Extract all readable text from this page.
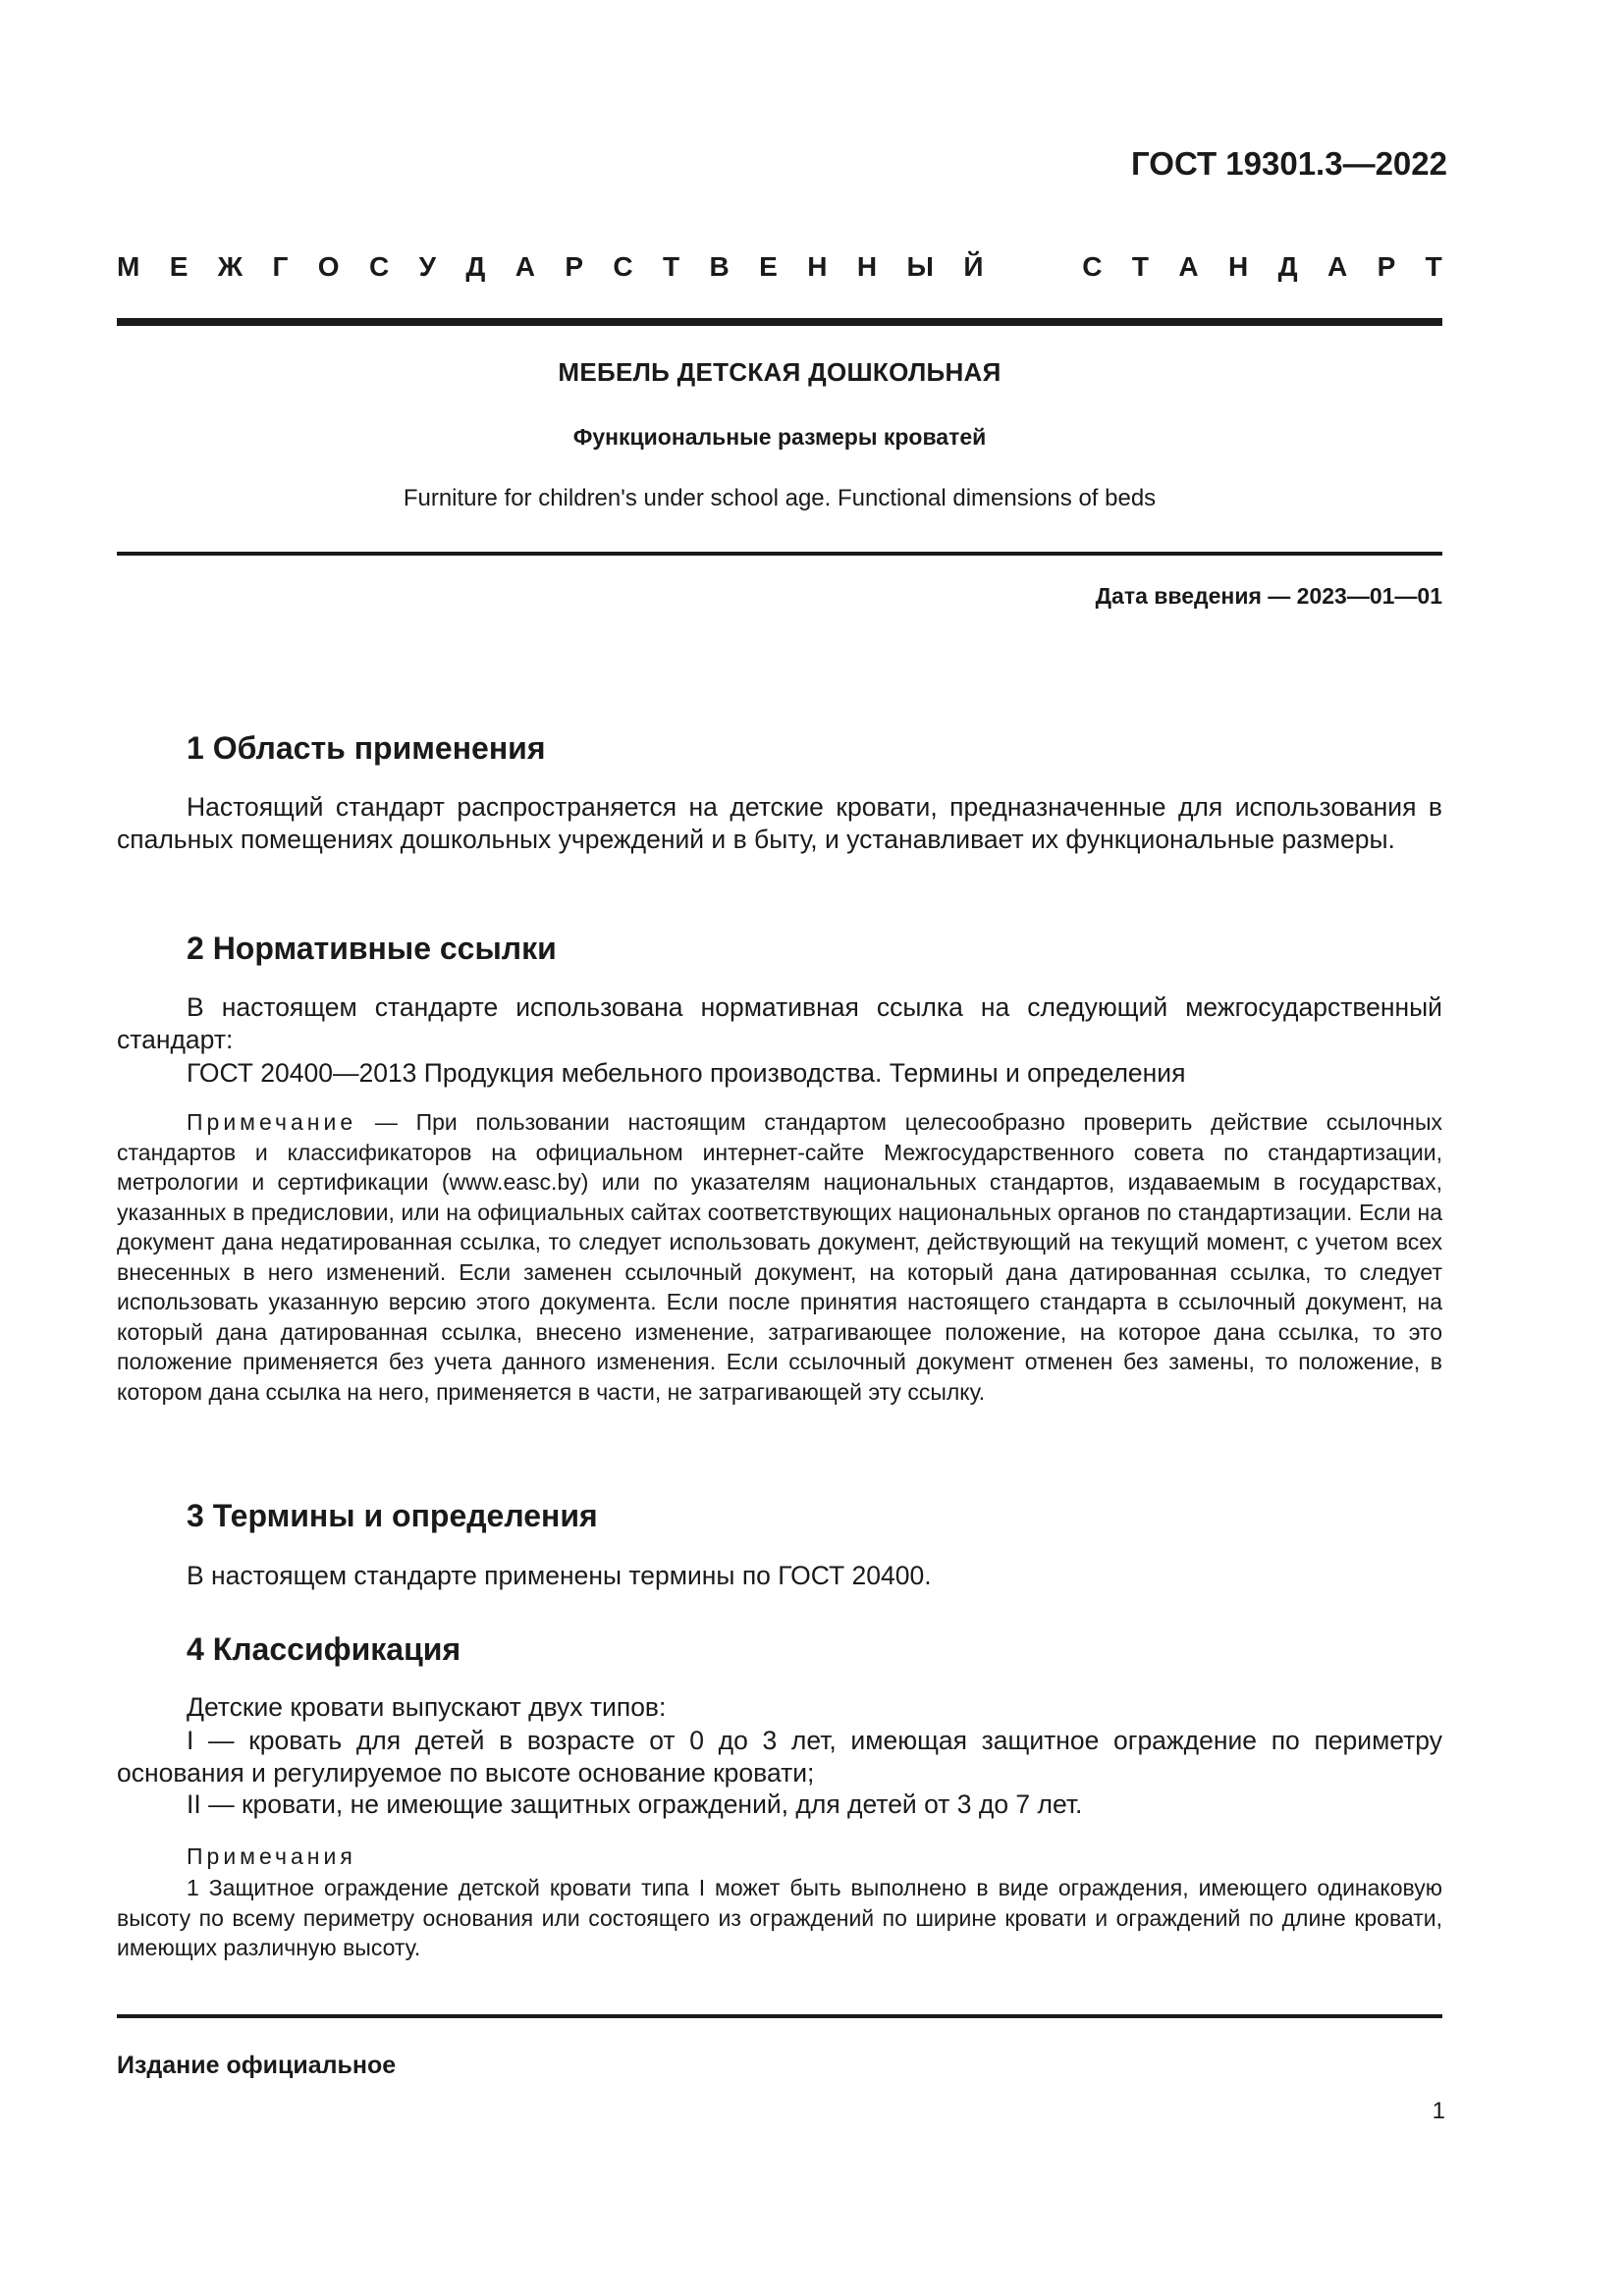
ГОСТ 19301.3—2022
М Е Ж Г О С У Д А Р С Т В Е Н Н Ы Й	С Т А Н Д А Р Т
МЕБЕЛЬ ДЕТСКАЯ ДОШКОЛЬНАЯ
Функциональные размеры кроватей
Furniture for children's under school age. Functional dimensions of beds
Дата введения — 2023—01—01
1 Область применения
Настоящий стандарт распространяется на детские кровати, предназначенные для использования в спальных помещениях дошкольных учреждений и в быту, и устанавливает их функциональные размеры.
2 Нормативные ссылки
В настоящем стандарте использована нормативная ссылка на следующий межгосударственный стандарт:
ГОСТ 20400—2013 Продукция мебельного производства. Термины и определения
Примечание — При пользовании настоящим стандартом целесообразно проверить действие ссылочных стандартов и классификаторов на официальном интернет-сайте Межгосударственного совета по стандартизации, метрологии и сертификации (www.easc.by) или по указателям национальных стандартов, издаваемым в государствах, указанных в предисловии, или на официальных сайтах соответствующих национальных органов по стандартизации. Если на документ дана недатированная ссылка, то следует использовать документ, действующий на текущий момент, с учетом всех внесенных в него изменений. Если заменен ссылочный документ, на который дана датированная ссылка, то следует использовать указанную версию этого документа. Если после принятия настоящего стандарта в ссылочный документ, на который дана датированная ссылка, внесено изменение, затрагивающее положение, на которое дана ссылка, то это положение применяется без учета данного изменения. Если ссылочный документ отменен без замены, то положение, в котором дана ссылка на него, применяется в части, не затрагивающей эту ссылку.
3 Термины и определения
В настоящем стандарте применены термины по ГОСТ 20400.
4 Классификация
Детские кровати выпускают двух типов:
I — кровать для детей в возрасте от 0 до 3 лет, имеющая защитное ограждение по периметру основания и регулируемое по высоте основание кровати;
II — кровати, не имеющие защитных ограждений, для детей от 3 до 7 лет.
Примечания
1 Защитное ограждение детской кровати типа I может быть выполнено в виде ограждения, имеющего одинаковую высоту по всему периметру основания или состоящего из ограждений по ширине кровати и ограждений по длине кровати, имеющих различную высоту.
Издание официальное
1
